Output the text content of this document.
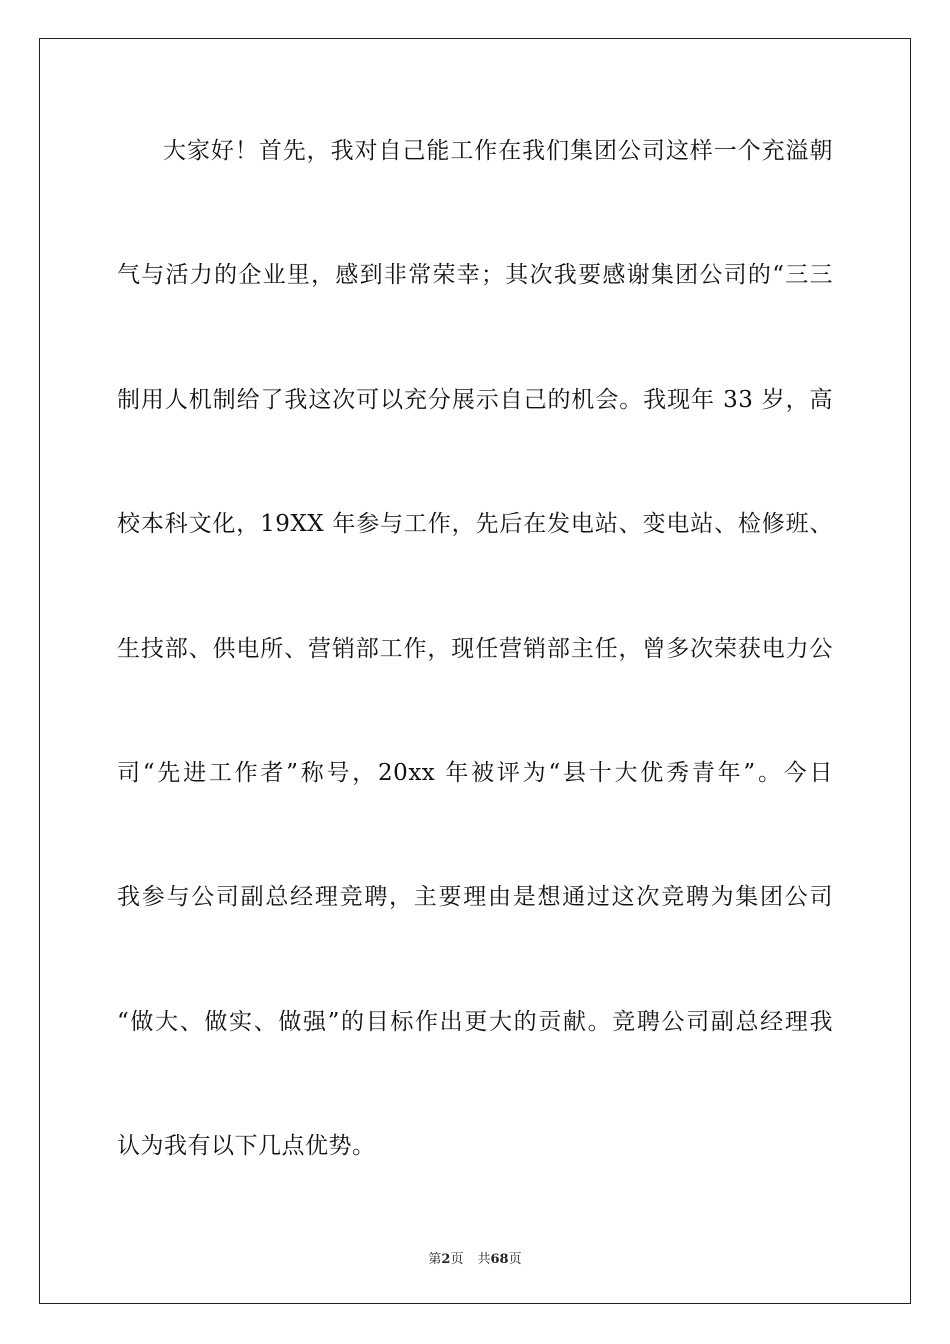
大家好！首先，我对自己能工作在我们集团公司这样一个充溢朝
气与活力的企业里，感到非常荣幸；其次我要感谢集团公司的“三三
制用人机制给了我这次可以充分展示自己的机会。我现年 33 岁，高
校本科文化，19XX 年参与工作，先后在发电站、变电站、检修班、
生技部、供电所、营销部工作，现任营销部主任，曾多次荣获电力公
司“先进工作者”称号，20xx 年被评为“县十大优秀青年”。今日
我参与公司副总经理竞聘，主要理由是想通过这次竞聘为集团公司
“做大、做实、做强”的目标作出更大的贡献。竞聘公司副总经理我
认为我有以下几点优势。
第2页 共68页
